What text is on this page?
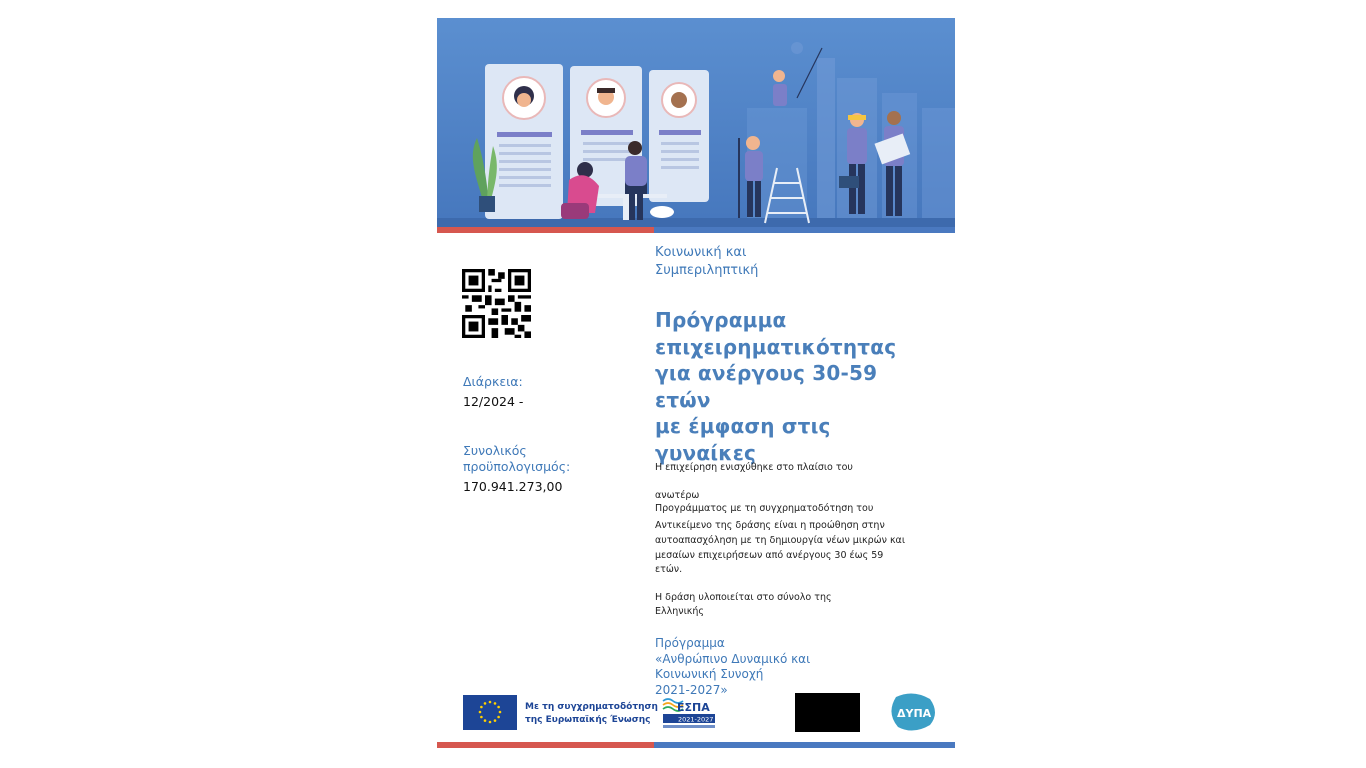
Διάρκεια:
12/2024 -
Συνολικός
προϋπολογισμός:
170.941.273,00
Κοινωνική και
Συμπεριληπτική
Πρόγραμμα
επιχειρηματικότητας
για ανέργους 30-59
ετών
με έμφαση στις
γυναίκες
Η επιχείρηση ενισχύθηκε στο πλαίσιο του
ανωτέρω
Προγράμματος με τη συγχρηματοδότηση του
Αντικείμενο της δράσης είναι η προώθηση στην
αυτοαπασχόληση με τη δημιουργία νέων μικρών και
μεσαίων επιχειρήσεων από ανέργους 30 έως 59
ετών.
Η δράση υλοποιείται στο σύνολο της
Ελληνικής
Πρόγραμμα
«Ανθρώπινο Δυναμικό και
Κοινωνική Συνοχή
2021-2027»
Με τη συγχρηματοδότηση
της Ευρωπαϊκής Ένωσης
ΕΣΠΑ
2021-2027	ΔΥΠΑ
